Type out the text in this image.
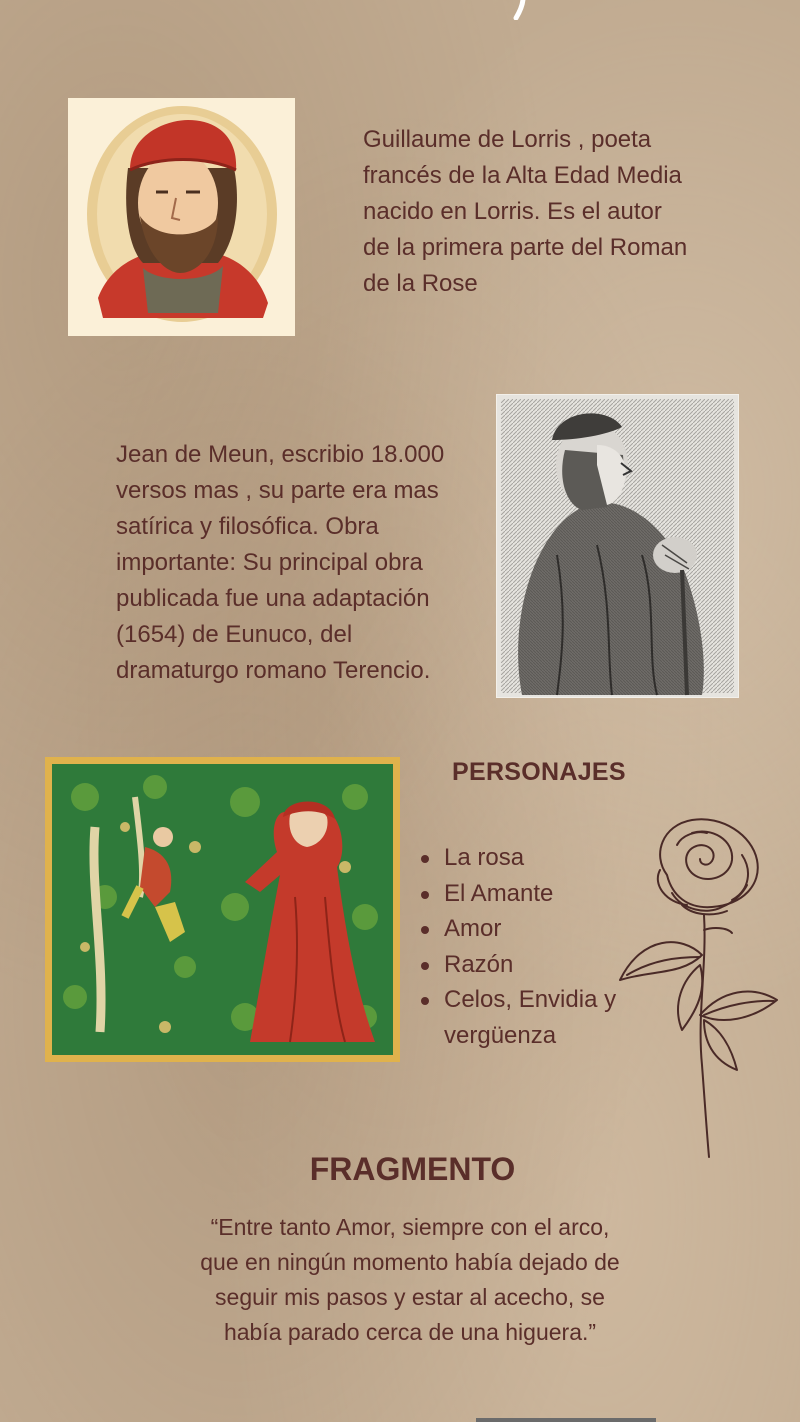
Guillaume de Lorris , poeta francés de la Alta Edad Media nacido en Lorris. Es el autor de la primera parte del Roman de la Rose
Jean de Meun, escribio 18.000 versos mas , su parte era mas satírica y filosófica. Obra importante: Su principal obra publicada fue una adaptación (1654) de Eunuco, del dramaturgo romano Terencio.
PERSONAJES
La rosa
El Amante
Amor
Razón
Celos, Envidia y vergüenza
FRAGMENTO
“Entre tanto Amor, siempre con el arco, que en ningún momento había dejado de seguir mis pasos y estar al acecho, se había parado cerca de una higuera.”
